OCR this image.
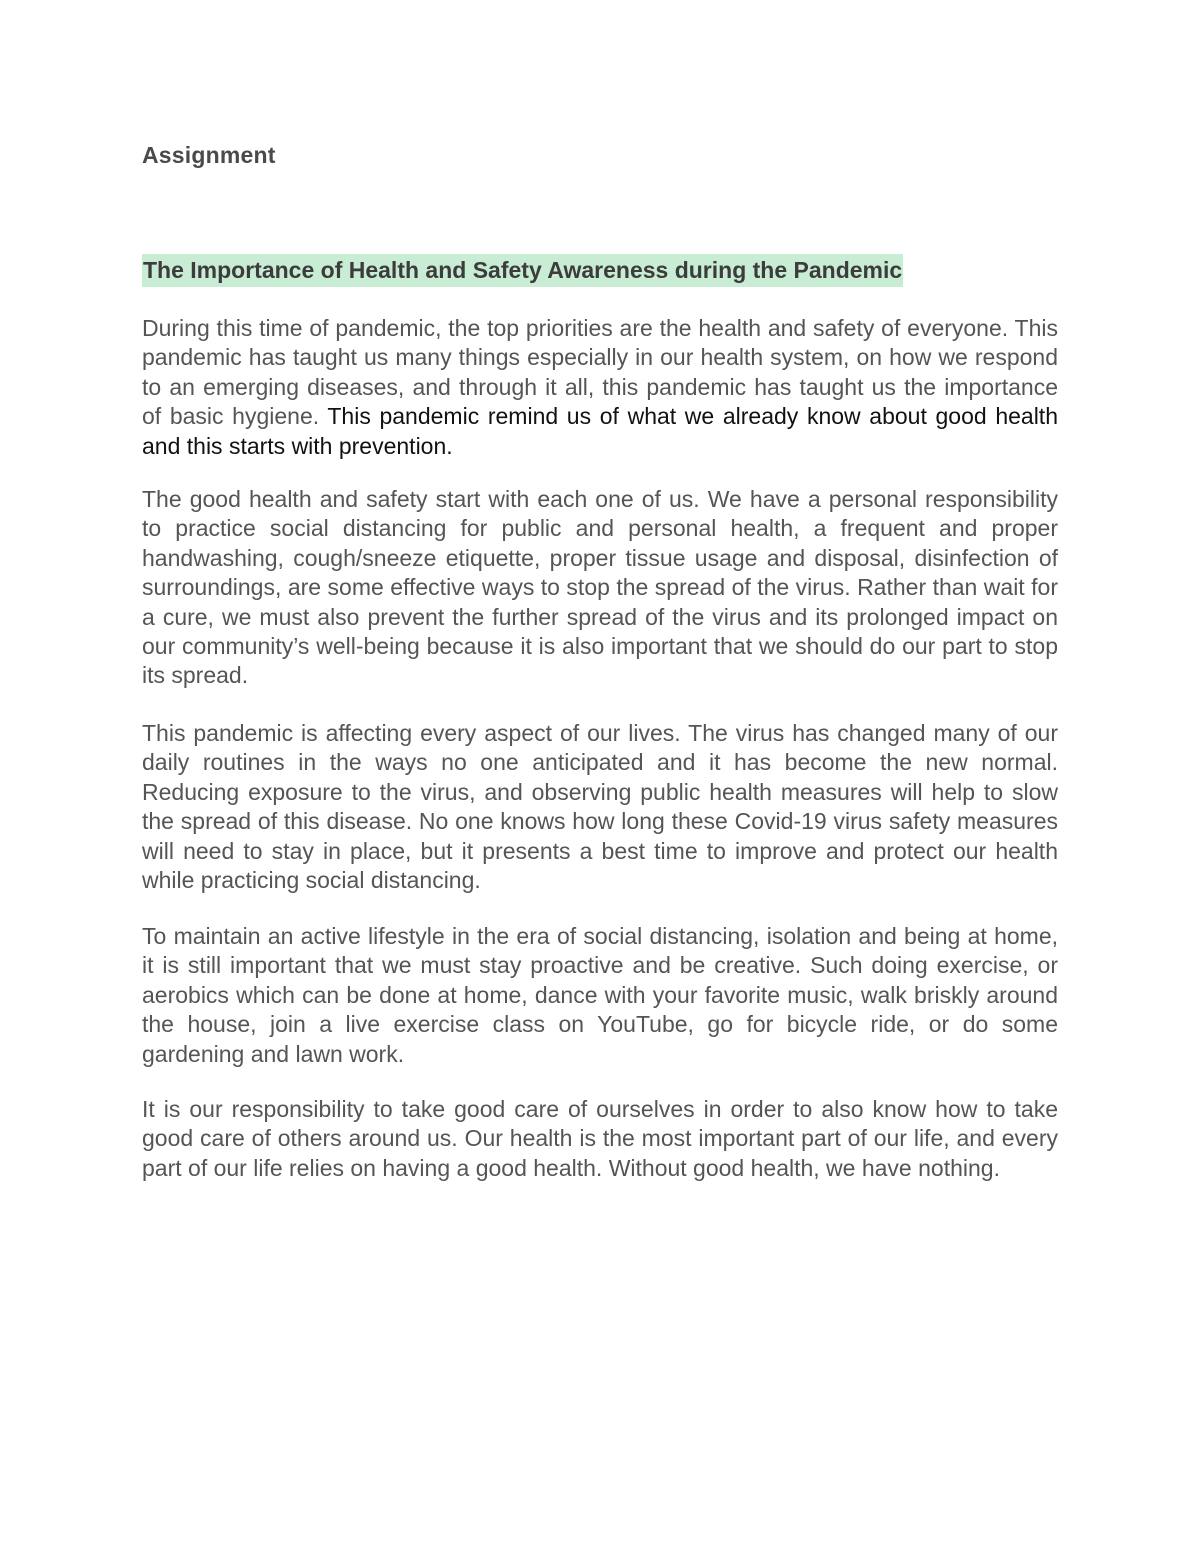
Assignment
The Importance of Health and Safety Awareness during the Pandemic

During this time of pandemic, the top priorities are the health and safety of everyone. This pandemic has taught us many things especially in our health system, on how we respond to an emerging diseases, and through it all, this pandemic has taught us the importance of basic hygiene. This pandemic remind us of what we already know about good health and this starts with prevention.

The good health and safety start with each one of us. We have a personal responsibility to practice social distancing for public and personal health, a frequent and proper handwashing, cough/sneeze etiquette, proper tissue usage and disposal, disinfection of surroundings, are some effective ways to stop the spread of the virus. Rather than wait for a cure, we must also prevent the further spread of the virus and its prolonged impact on our community’s well-being because it is also important that we should do our part to stop its spread.

This pandemic is affecting every aspect of our lives. The virus has changed many of our daily routines in the ways no one anticipated and it has become the new normal. Reducing exposure to the virus, and observing public health measures will help to slow the spread of this disease. No one knows how long these Covid-19 virus safety measures will need to stay in place, but it presents a best time to improve and protect our health while practicing social distancing.

To maintain an active lifestyle in the era of social distancing, isolation and being at home, it is still important that we must stay proactive and be creative. Such doing exercise, or aerobics which can be done at home, dance with your favorite music, walk briskly around the house, join a live exercise class on YouTube, go for bicycle ride, or do some gardening and lawn work.

It is our responsibility to take good care of ourselves in order to also know how to take good care of others around us. Our health is the most important part of our life, and every part of our life relies on having a good health. Without good health, we have nothing.
